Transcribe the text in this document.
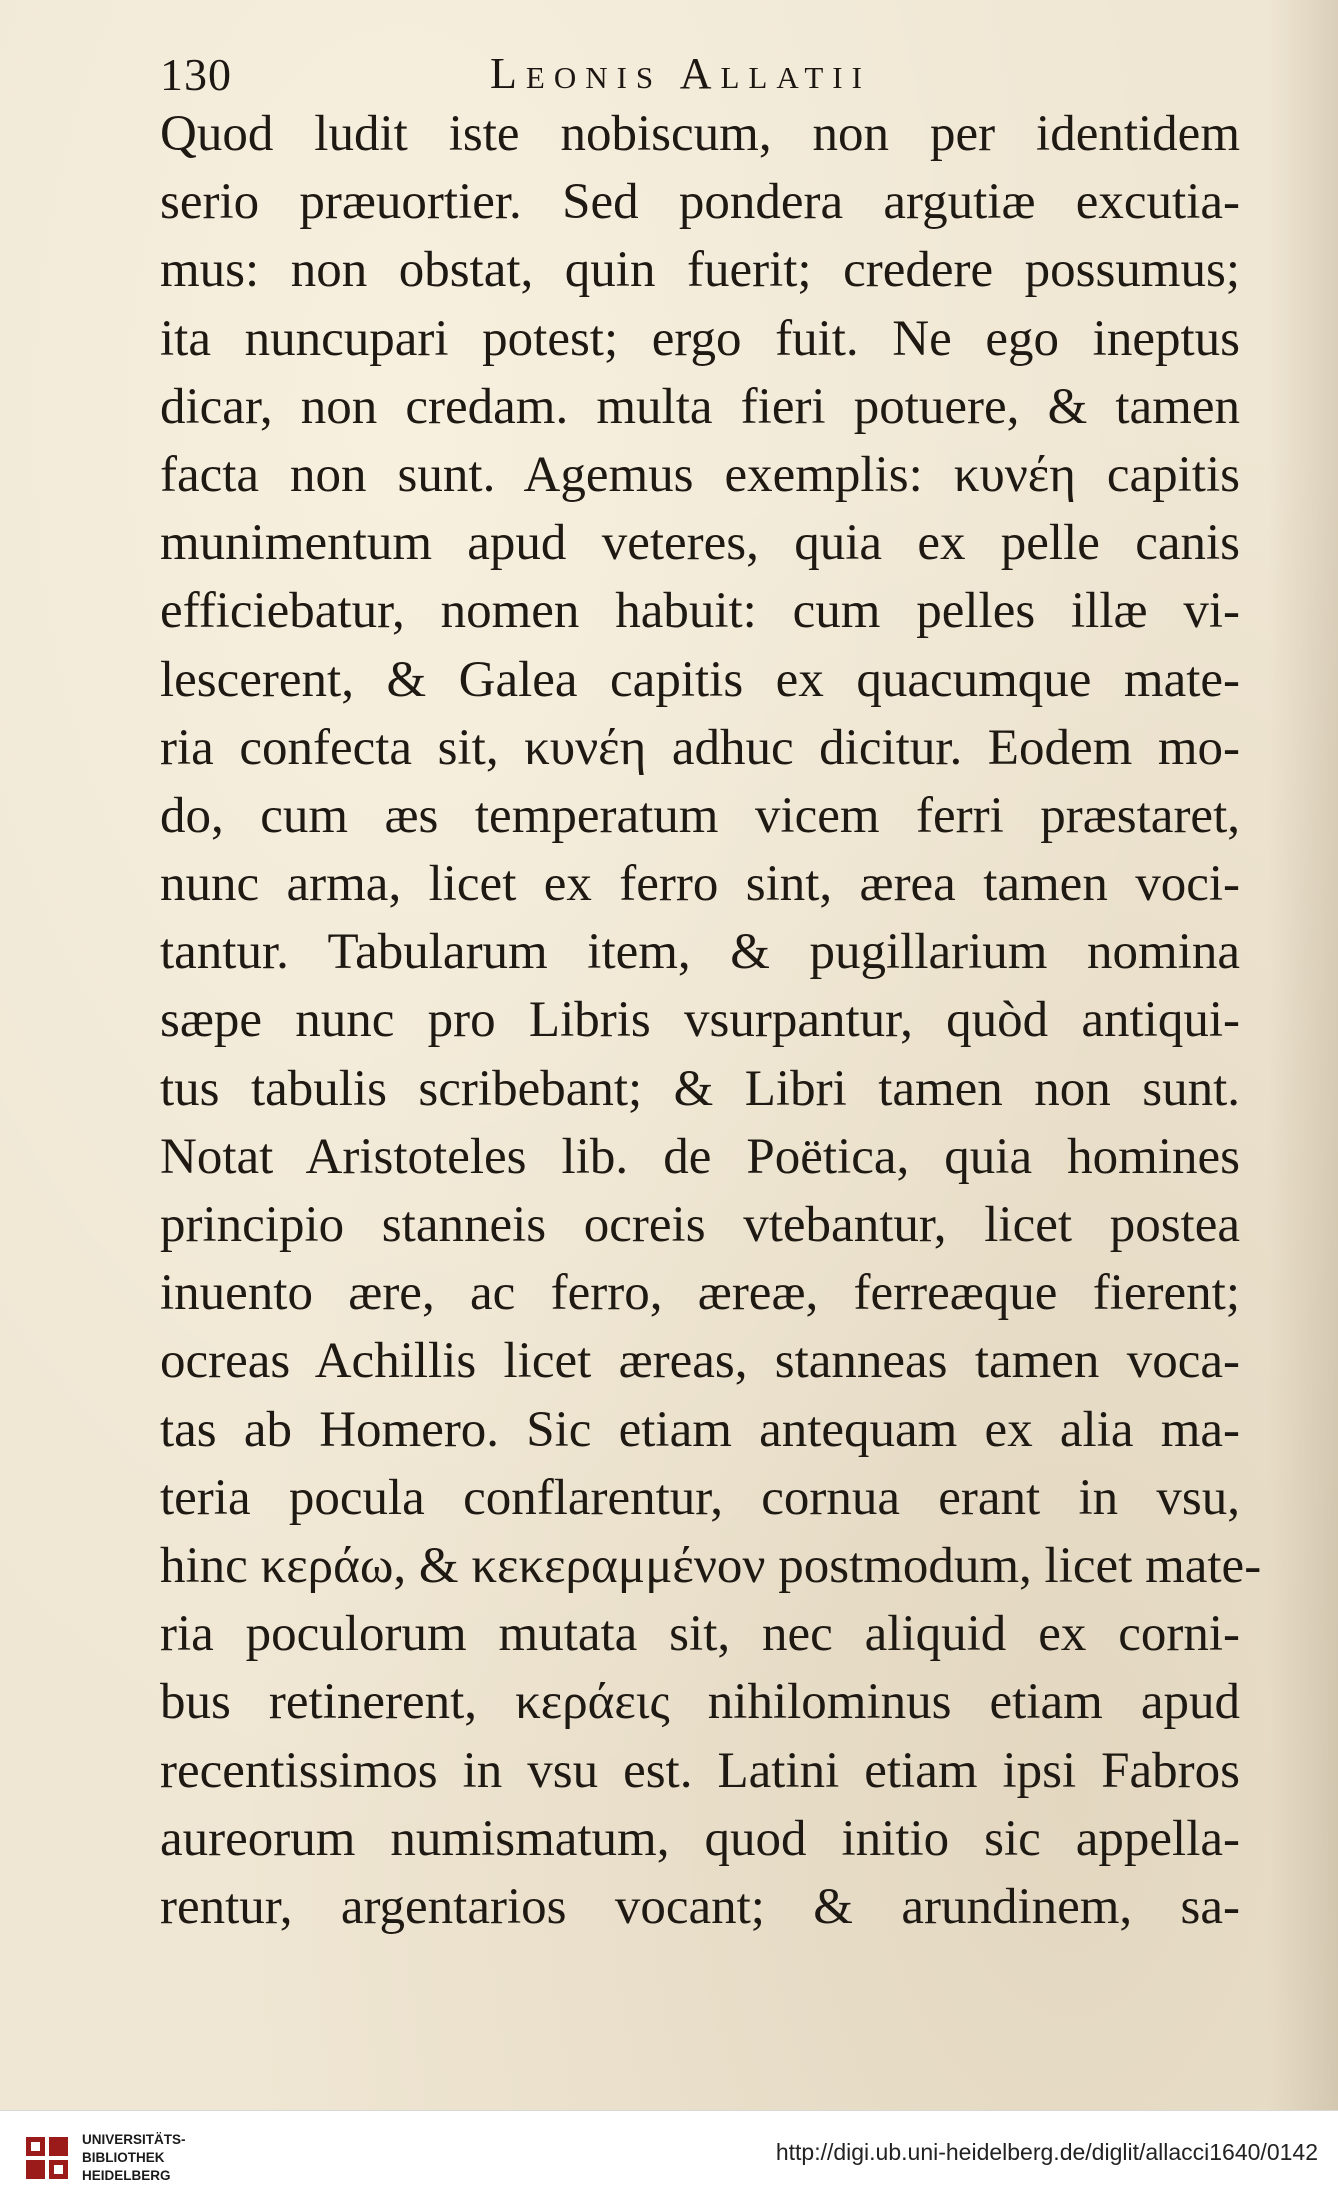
130	Leonis Allatii
Quod ludit iste nobiscum, non per identidem
serio præuortier. Sed pondera argutiæ excutia-
mus: non obstat, quin fuerit; credere possumus;
ita nuncupari potest; ergo fuit. Ne ego ineptus
dicar, non credam. multa fieri potuere, & tamen
facta non sunt. Agemus exemplis: κυνέη capitis
munimentum apud veteres, quia ex pelle canis
efficiebatur, nomen habuit: cum pelles illæ vi-
lescerent, & Galea capitis ex quacumque mate-
ria confecta sit, κυνέη adhuc dicitur. Eodem mo-
do, cum æs temperatum vicem ferri præstaret,
nunc arma, licet ex ferro sint, ærea tamen voci-
tantur. Tabularum item, & pugillarium nomina
sæpe nunc pro Libris vsurpantur, quòd antiqui-
tus tabulis scribebant; & Libri tamen non sunt.
Notat Aristoteles lib. de Poëtica, quia homines
principio stanneis ocreis vtebantur, licet postea
inuento ære, ac ferro, æreæ, ferreæque fierent;
ocreas Achillis licet æreas, stanneas tamen voca-
tas ab Homero. Sic etiam antequam ex alia ma-
teria pocula conflarentur, cornua erant in vsu,
hinc κεράω, & κεκεραμμένον postmodum, licet mate-
ria poculorum mutata sit, nec aliquid ex corni-
bus retinerent, κεράεις nihilominus etiam apud
recentissimos in vsu est. Latini etiam ipsi Fabros
aureorum numismatum, quod initio sic appella-
rentur, argentarios vocant; & arundinem, sa-
UNIVERSITÄTS-
BIBLIOTHEK
HEIDELBERG
http://digi.ub.uni-heidelberg.de/diglit/allacci1640/0142
